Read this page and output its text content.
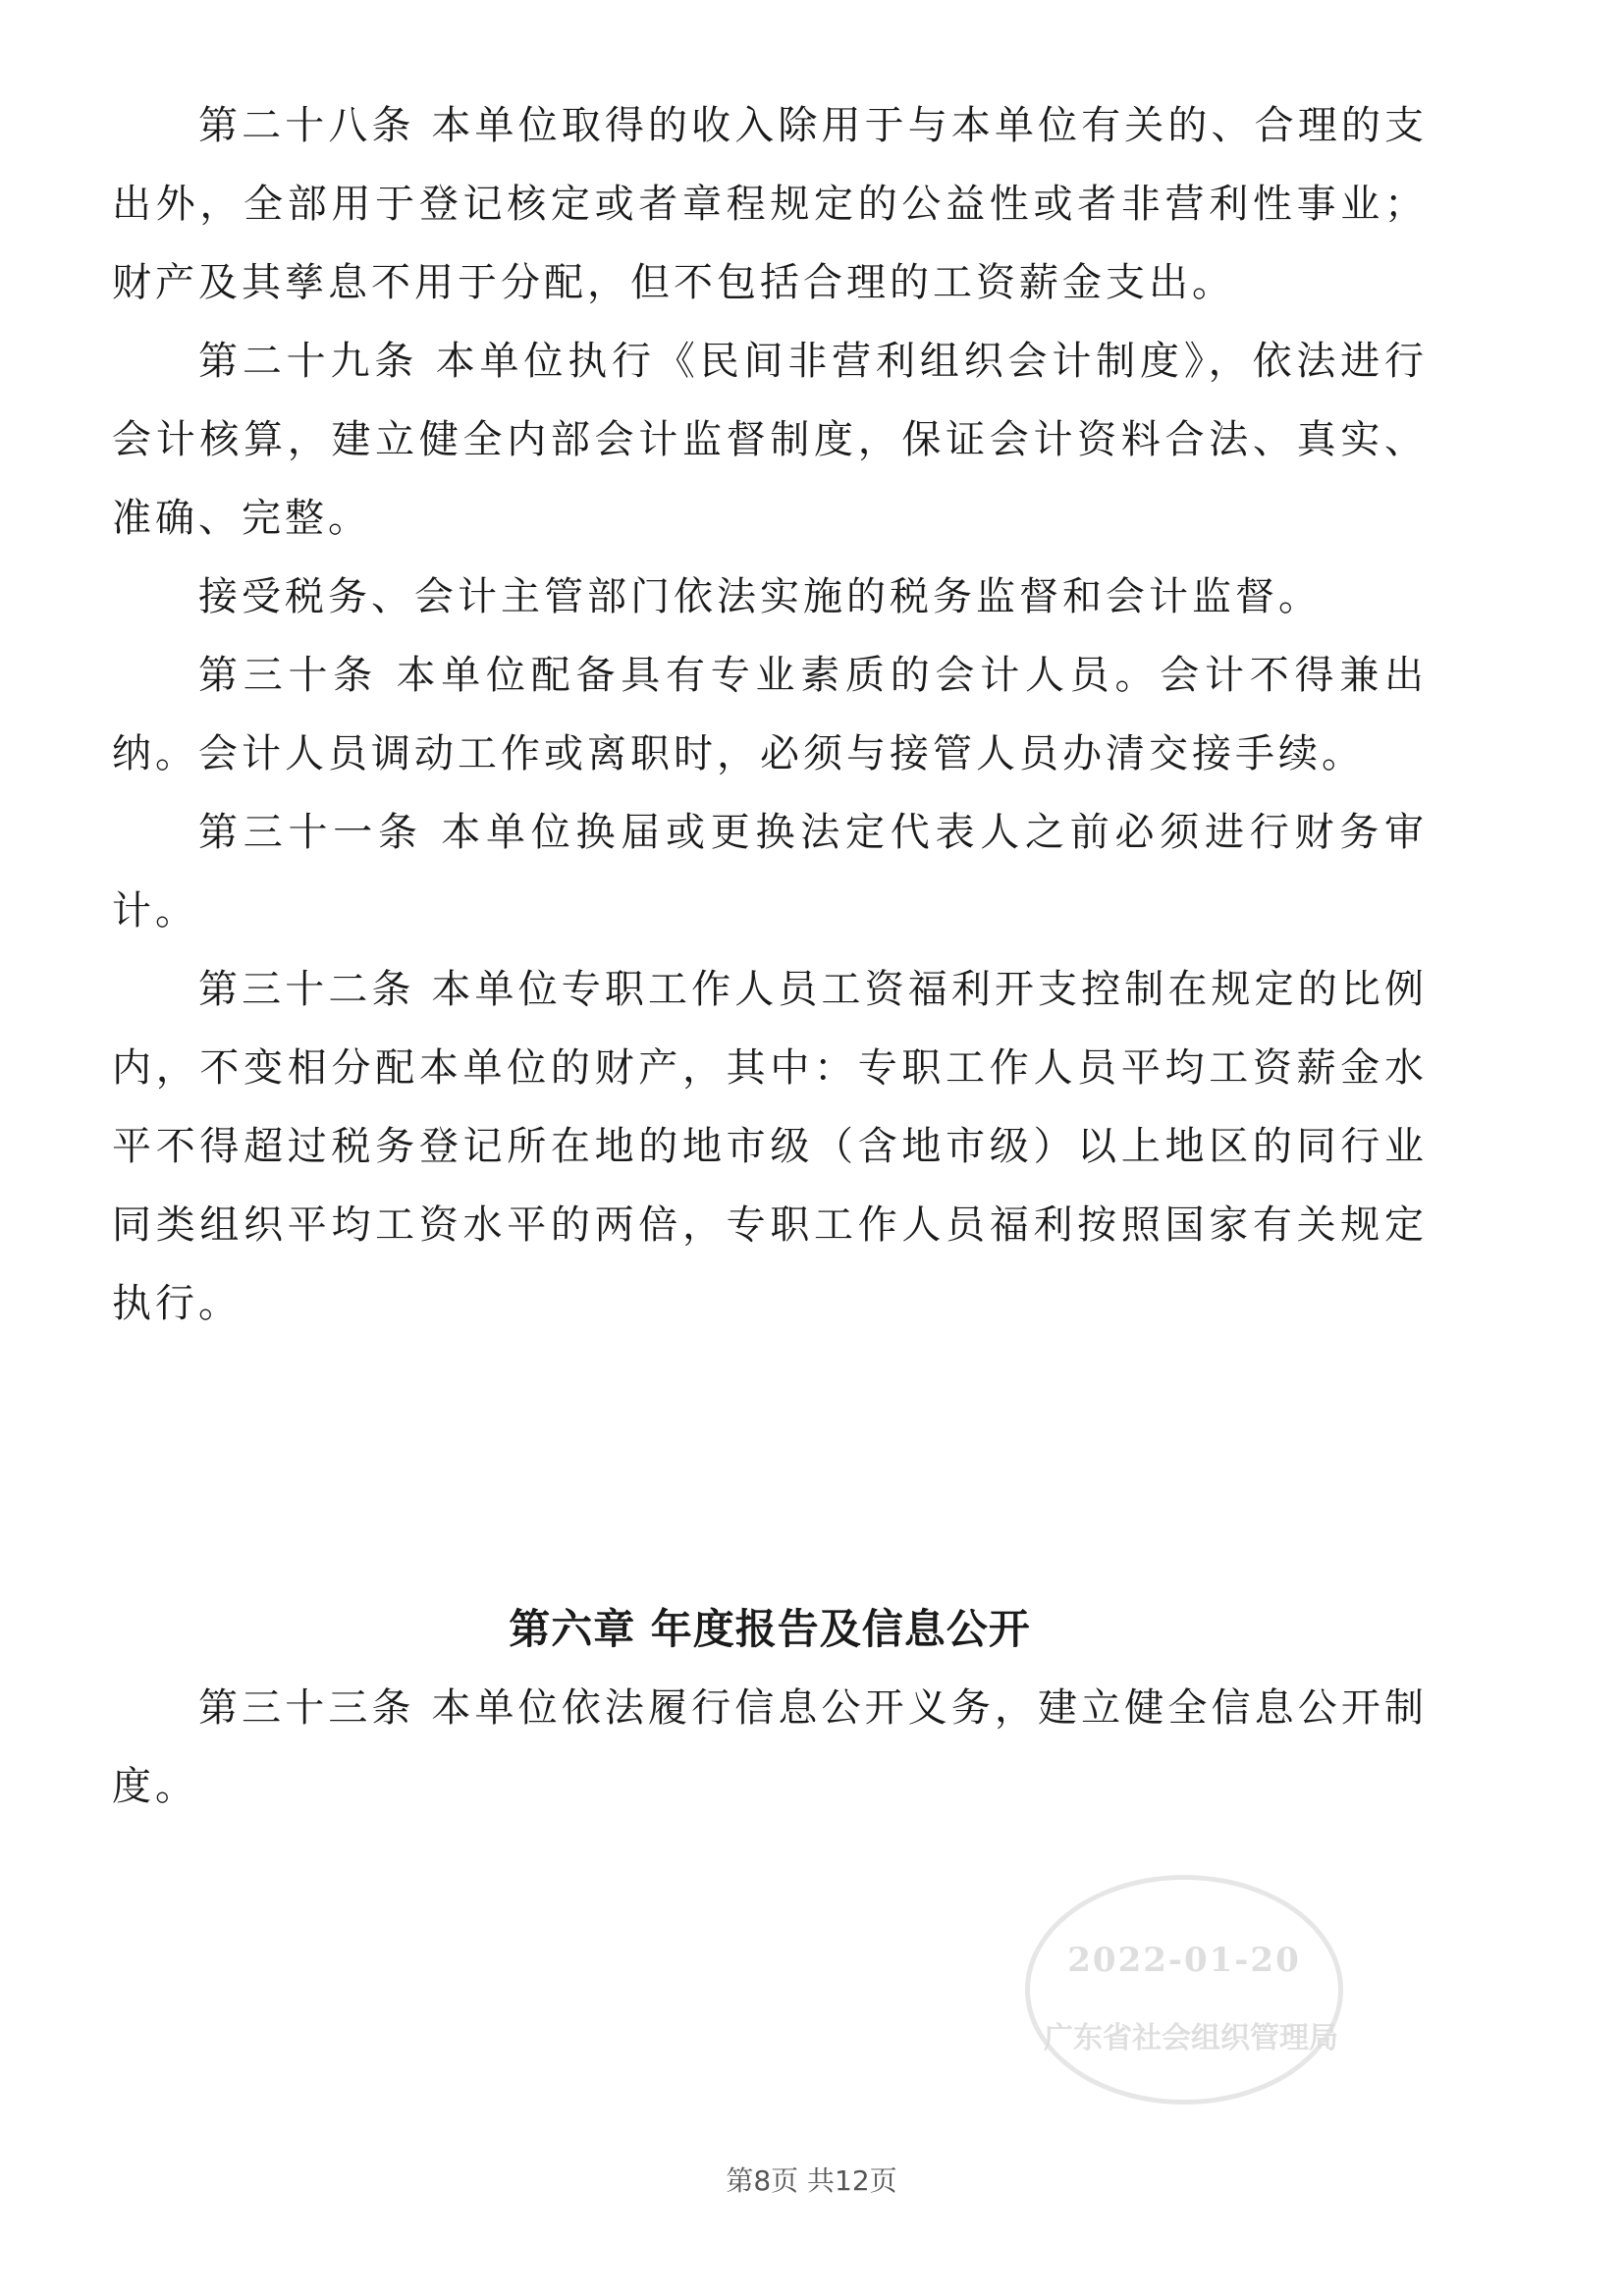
第二十八条 本单位取得的收入除用于与本单位有关的、合理的支出外，全部用于登记核定或者章程规定的公益性或者非营利性事业；财产及其孳息不用于分配，但不包括合理的工资薪金支出。

第二十九条 本单位执行《民间非营利组织会计制度》，依法进行会计核算，建立健全内部会计监督制度，保证会计资料合法、真实、准确、完整。

接受税务、会计主管部门依法实施的税务监督和会计监督。

第三十条 本单位配备具有专业素质的会计人员。会计不得兼出纳。会计人员调动工作或离职时，必须与接管人员办清交接手续。

第三十一条 本单位换届或更换法定代表人之前必须进行财务审计。

第三十二条 本单位专职工作人员工资福利开支控制在规定的比例内，不变相分配本单位的财产，其中：专职工作人员平均工资薪金水平不得超过税务登记所在地的地市级（含地市级）以上地区的同行业同类组织平均工资水平的两倍，专职工作人员福利按照国家有关规定执行。

第六章 年度报告及信息公开

第三十三条 本单位依法履行信息公开义务，建立健全信息公开制度。

2022-01-20
广东省社会组织管理局
第8页 共12页
